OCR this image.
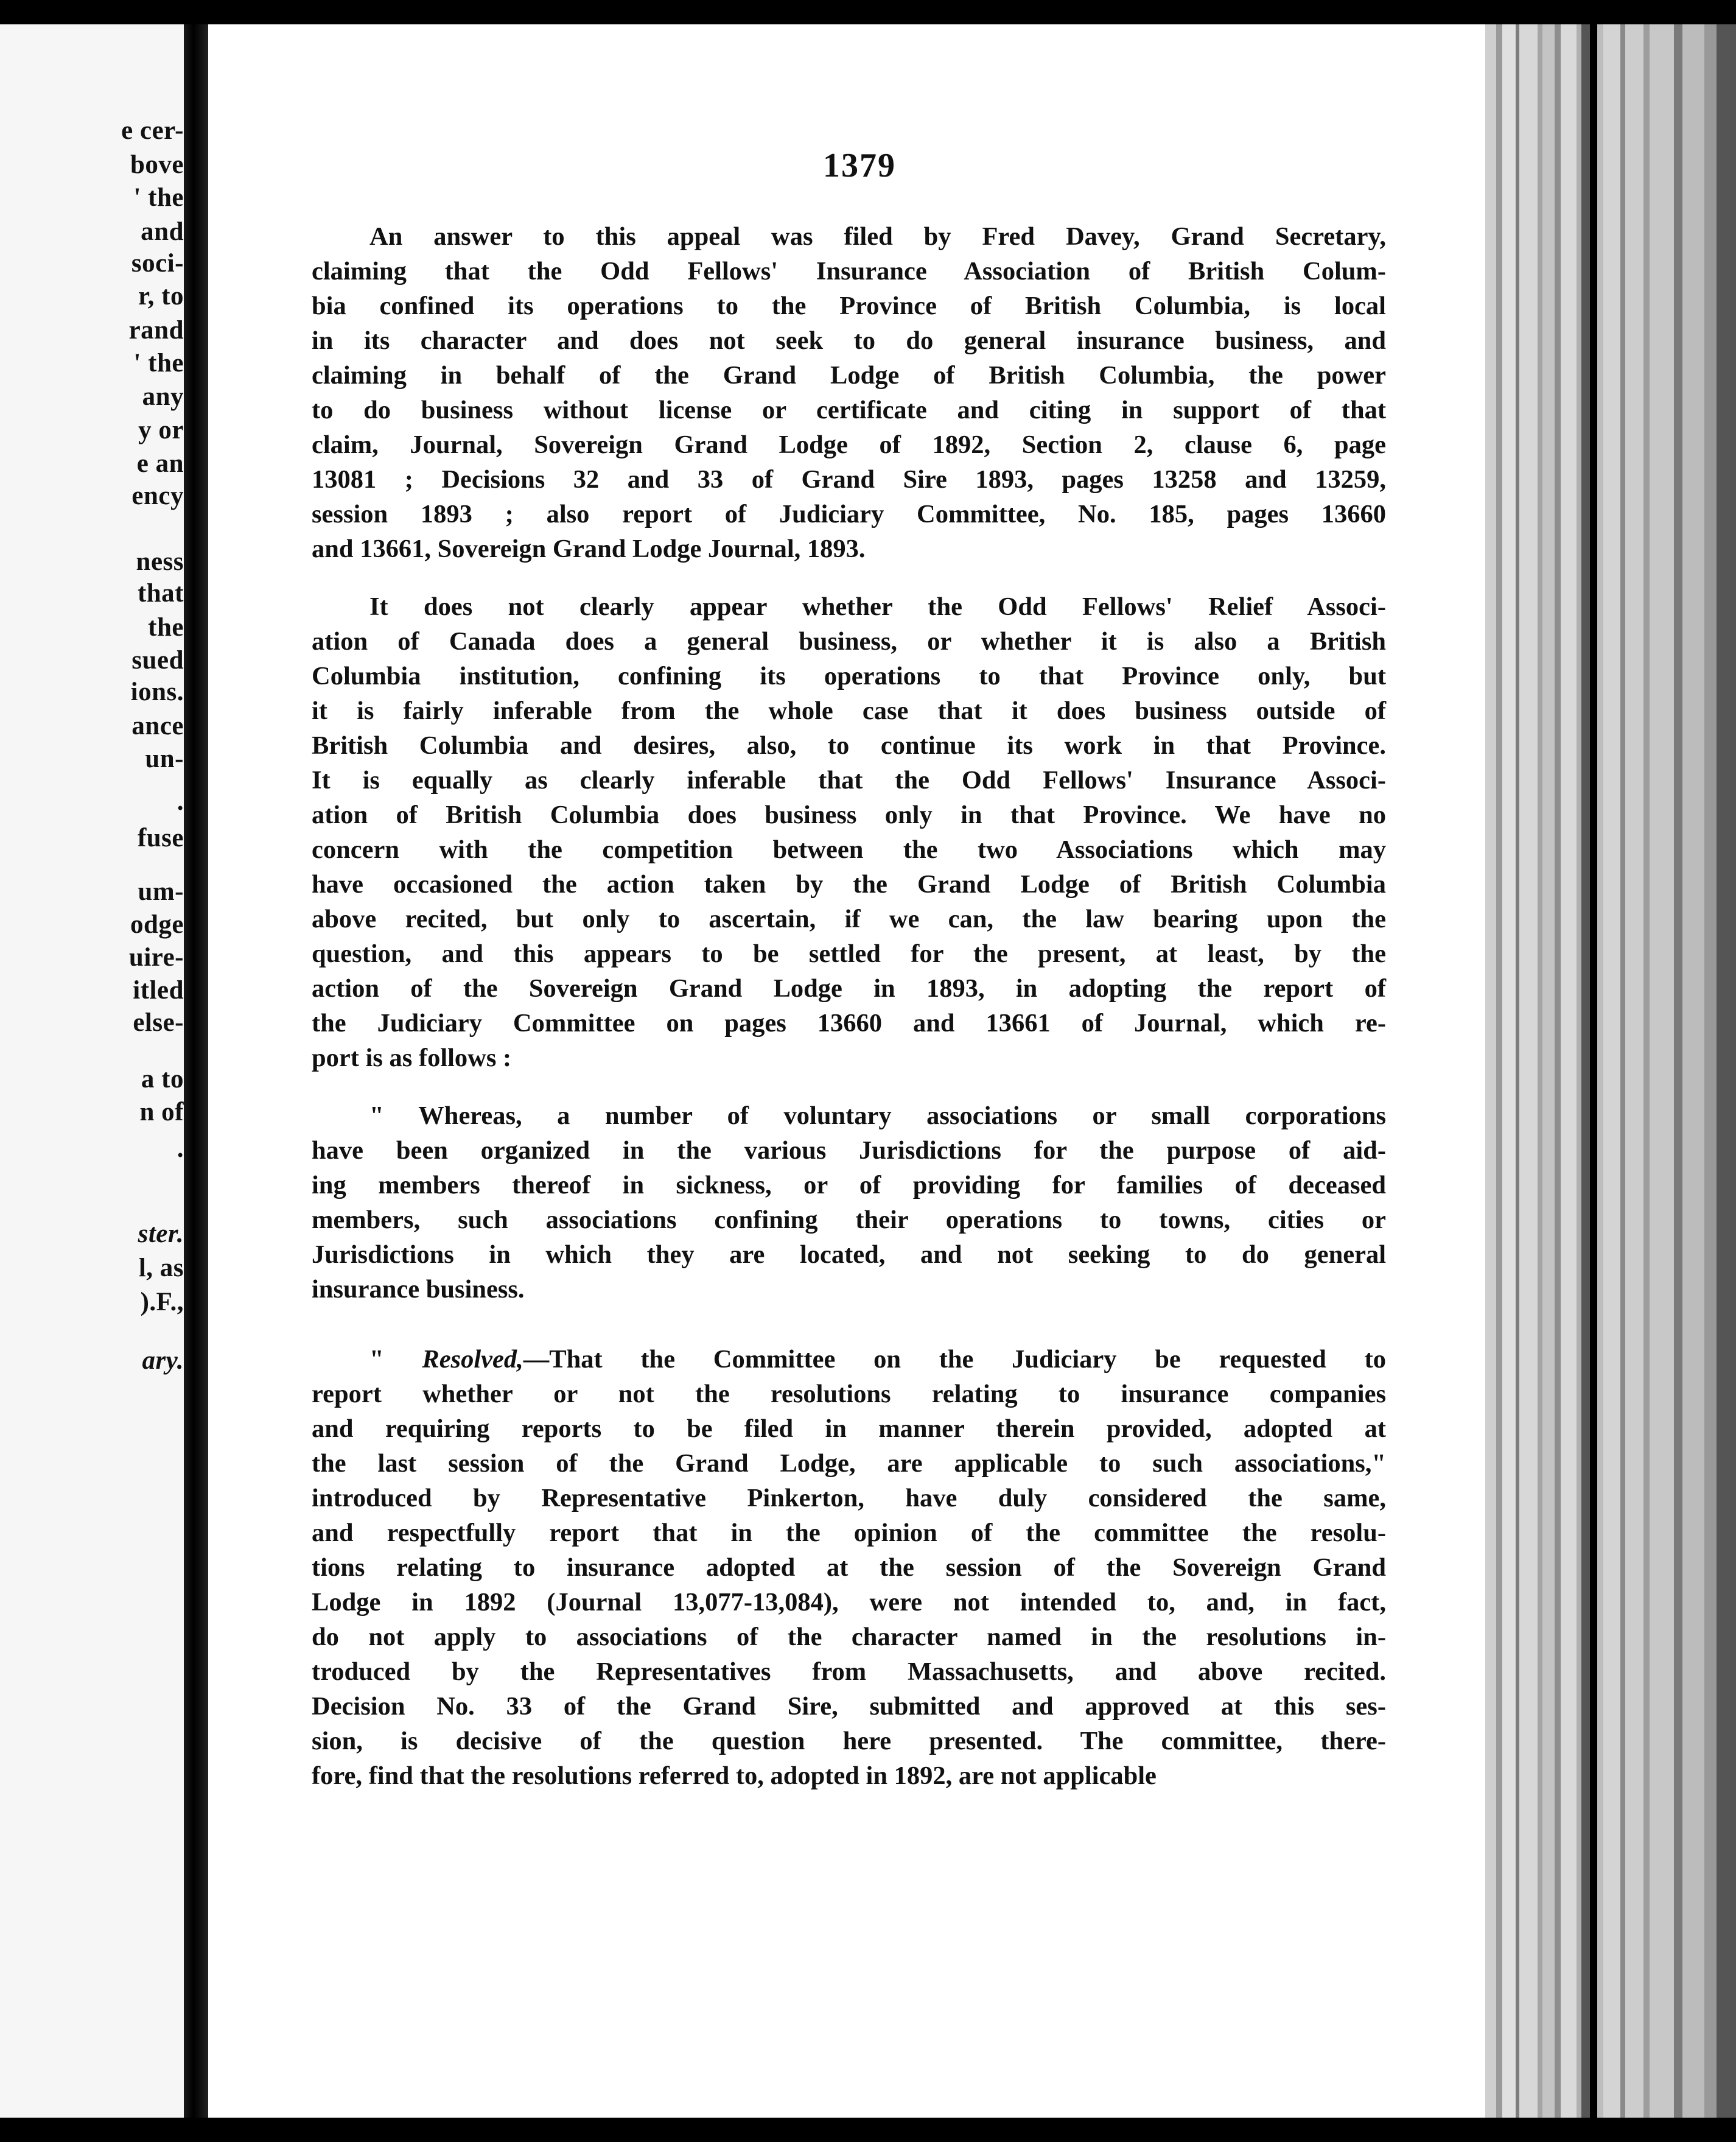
e cer-
bove
' the
and
soci-
r, to
rand
' the
any
y or
e an
ency
ness
that
the
sued
ions.
ance
un-
.
fuse
um-
odge
uire-
itled
else-
a to
n of
.
ster.
l, as
).F.,
ary.
1379

An answer to this appeal was filed by Fred Davey, Grand Secretary,
claiming that the Odd Fellows' Insurance Association of British Colum-
bia confined its operations to the Province of British Columbia, is local
in its character and does not seek to do general insurance business, and
claiming in behalf of the Grand Lodge of British Columbia, the power
to do business without license or certificate and citing in support of that
claim, Journal, Sovereign Grand Lodge of 1892, Section 2, clause 6, page
13081 ; Decisions 32 and 33 of Grand Sire 1893, pages 13258 and 13259,
session 1893 ; also report of Judiciary Committee, No. 185, pages 13660
and 13661, Sovereign Grand Lodge Journal, 1893.

It does not clearly appear whether the Odd Fellows' Relief Associ-
ation of Canada does a general business, or whether it is also a British
Columbia institution, confining its operations to that Province only, but
it is fairly inferable from the whole case that it does business outside of
British Columbia and desires, also, to continue its work in that Province.
It is equally as clearly inferable that the Odd Fellows' Insurance Associ-
ation of British Columbia does business only in that Province. We have no
concern with the competition between the two Associations which may
have occasioned the action taken by the Grand Lodge of British Columbia
above recited, but only to ascertain, if we can, the law bearing upon the
question, and this appears to be settled for the present, at least, by the
action of the Sovereign Grand Lodge in 1893, in adopting the report of
the Judiciary Committee on pages 13660 and 13661 of Journal, which re-
port is as follows :

" Whereas, a number of voluntary associations or small corporations
have been organized in the various Jurisdictions for the purpose of aid-
ing members thereof in sickness, or of providing for families of deceased
members, such associations confining their operations to towns, cities or
Jurisdictions in which they are located, and not seeking to do general
insurance business.

" Resolved,—That the Committee on the Judiciary be requested to
report whether or not the resolutions relating to insurance companies
and requiring reports to be filed in manner therein provided, adopted at
the last session of the Grand Lodge, are applicable to such associations,"
introduced by Representative Pinkerton, have duly considered the same,
and respectfully report that in the opinion of the committee the resolu-
tions relating to insurance adopted at the session of the Sovereign Grand
Lodge in 1892 (Journal 13,077-13,084), were not intended to, and, in fact,
do not apply to associations of the character named in the resolutions in-
troduced by the Representatives from Massachusetts, and above recited.
Decision No. 33 of the Grand Sire, submitted and approved at this ses-
sion, is decisive of the question here presented. The committee, there-
fore, find that the resolutions referred to, adopted in 1892, are not applicable
